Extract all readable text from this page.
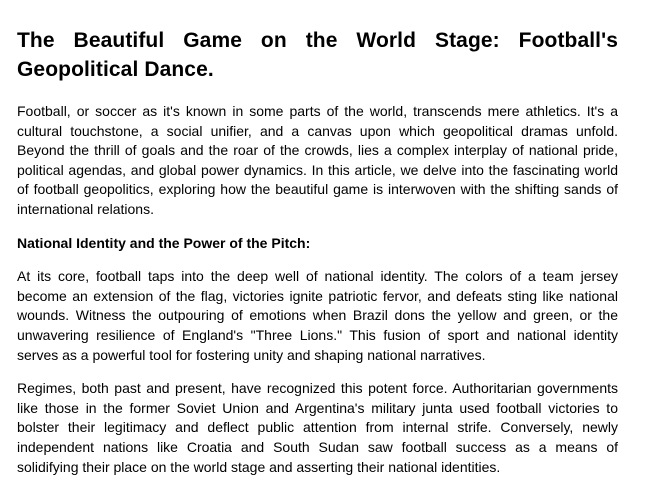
The Beautiful Game on the World Stage: Football's Geopolitical Dance.

Football, or soccer as it's known in some parts of the world, transcends mere athletics. It's a cultural touchstone, a social unifier, and a canvas upon which geopolitical dramas unfold. Beyond the thrill of goals and the roar of the crowds, lies a complex interplay of national pride, political agendas, and global power dynamics. In this article, we delve into the fascinating world of football geopolitics, exploring how the beautiful game is interwoven with the shifting sands of international relations.

National Identity and the Power of the Pitch:

At its core, football taps into the deep well of national identity. The colors of a team jersey become an extension of the flag, victories ignite patriotic fervor, and defeats sting like national wounds. Witness the outpouring of emotions when Brazil dons the yellow and green, or the unwavering resilience of England's "Three Lions." This fusion of sport and national identity serves as a powerful tool for fostering unity and shaping national narratives.

Regimes, both past and present, have recognized this potent force. Authoritarian governments like those in the former Soviet Union and Argentina's military junta used football victories to bolster their legitimacy and deflect public attention from internal strife. Conversely, newly independent nations like Croatia and South Sudan saw football success as a means of solidifying their place on the world stage and asserting their national identities.
